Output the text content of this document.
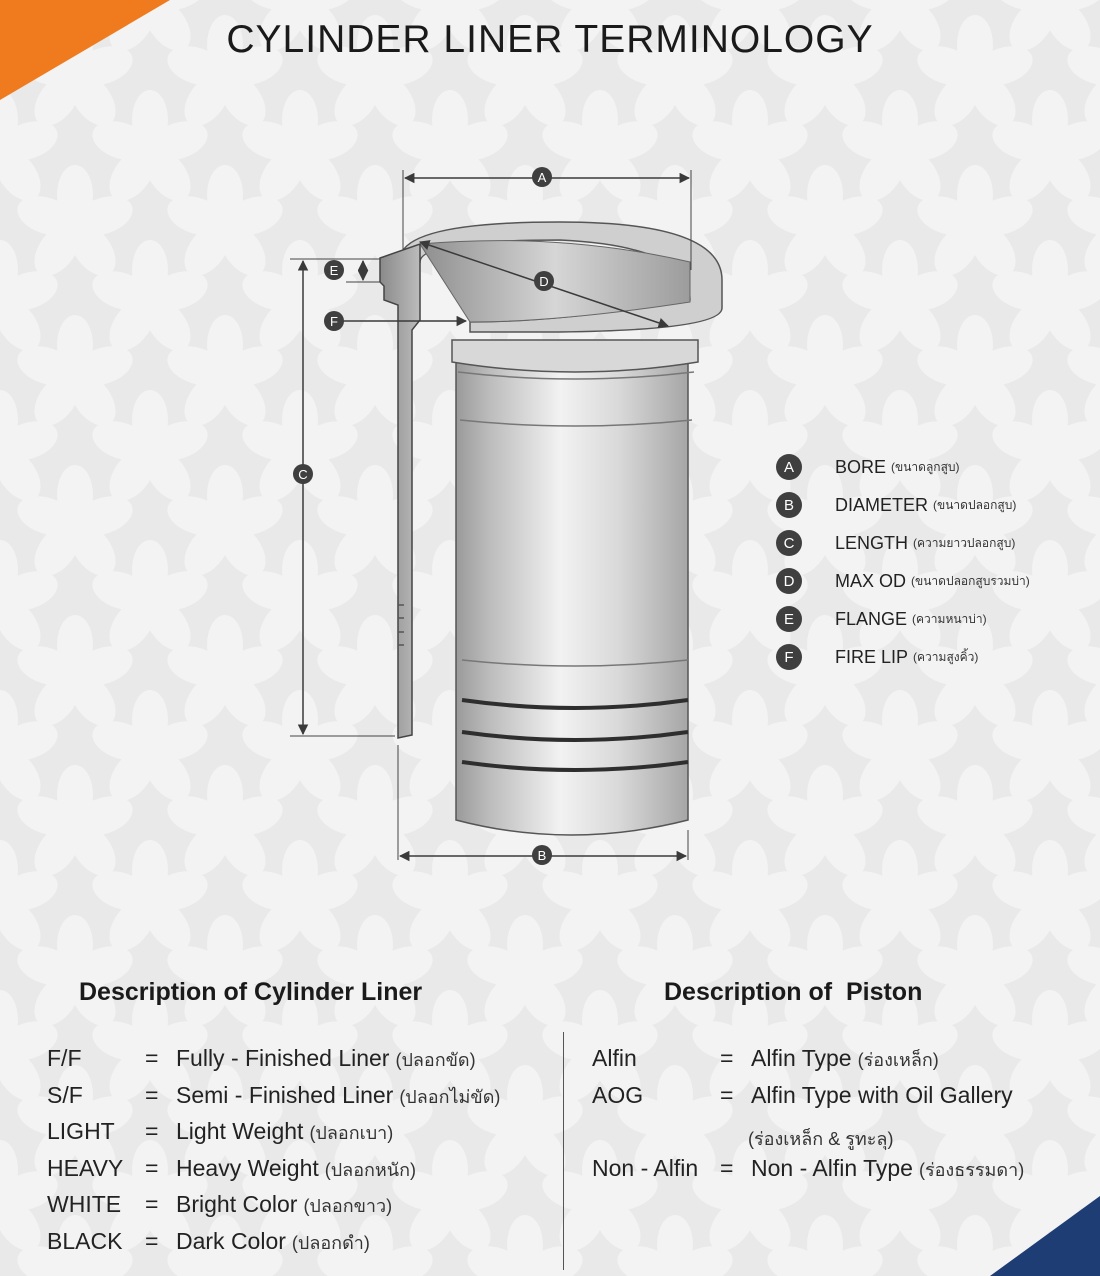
CYLINDER LINER TERMINOLOGY
A
D
B
C
E
F
A	BORE (ขนาดลูกสูบ)
B	DIAMETER (ขนาดปลอกสูบ)
C	LENGTH (ความยาวปลอกสูบ)
D	MAX OD (ขนาดปลอกสูบรวมบ่า)
E	FLANGE (ความหนาบ่า)
F	FIRE LIP (ความสูงคิ้ว)
Description of Cylinder Liner	Description of  Piston
F/F	= Fully - Finished Liner (ปลอกขัด)
S/F	= Semi - Finished Liner (ปลอกไม่ขัด)
LIGHT	= Light Weight (ปลอกเบา)
HEAVY = Heavy Weight (ปลอกหนัก)
WHITE	= Bright Color (ปลอกขาว)
BLACK = Dark Color (ปลอกดำ)
Alfin	= Alfin Type (ร่องเหล็ก)
AOG	= Alfin Type with Oil Gallery
(ร่องเหล็ก & รูทะลุ)
Non - Alfin = Non - Alfin Type (ร่องธรรมดา)
